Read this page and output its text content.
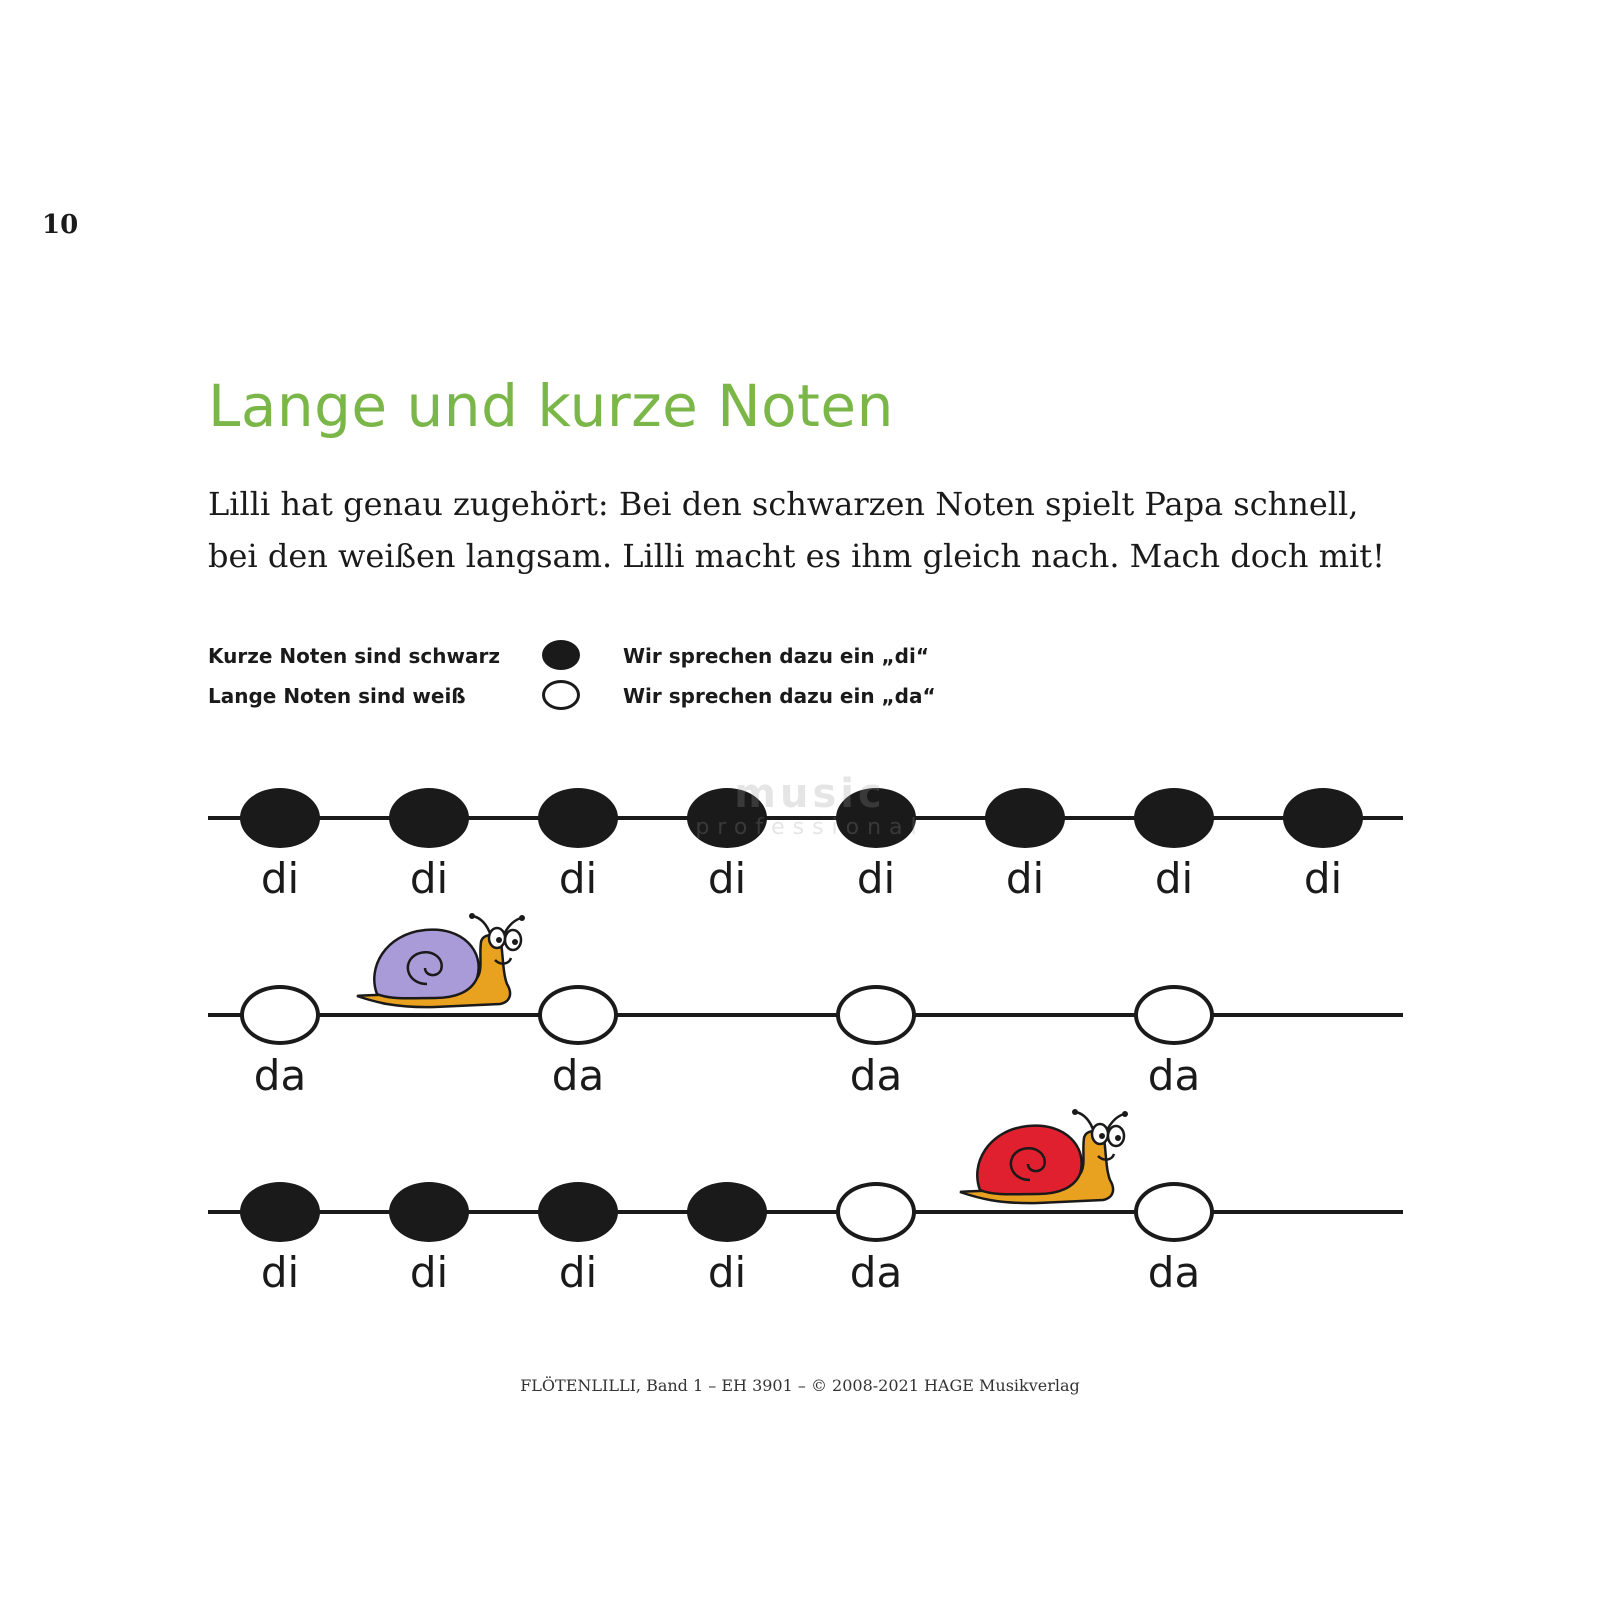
10
Lange und kurze Noten
Lilli hat genau zugehört: Bei den schwarzen Noten spielt Papa schnell,
bei den weißen langsam. Lilli macht es ihm gleich nach. Mach doch mit!
Kurze Noten sind schwarz	Wir sprechen dazu ein „di“
Lange Noten sind weiß	Wir sprechen dazu ein „da“
di	di	di	di	di	di	di	di
music
professional
da	da	da	da
di	di	di	di	da	da
FLÖTENLILLI, Band 1 – EH 3901 – © 2008-2021 HAGE Musikverlag
